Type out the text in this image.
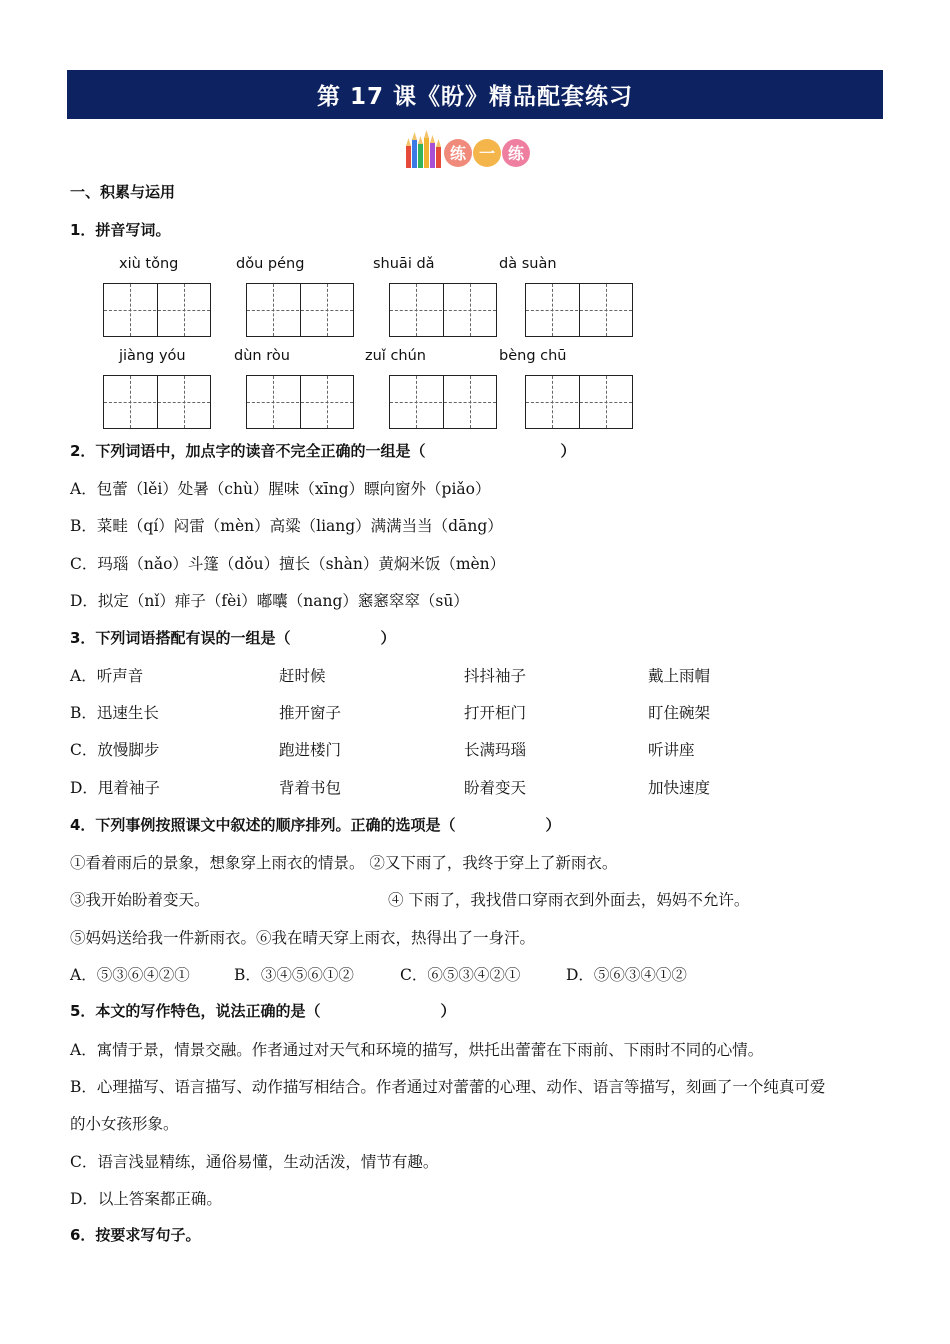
第 17 课《盼》精品配套练习
练 一 练
一、积累与运用
1．拼音写词。
xiù tǒng	dǒu péng	shuāi dǎ	dà suàn
jiàng yóu	dùn ròu	zuǐ chún	bèng chū
2．下列词语中，加点字的读音不完全正确的一组是（　　　　　　　　　）
A．包蕾（lěi）处暑（chù）腥味（xīng）瞟向窗外（piǎo）
B．菜畦（qí）闷雷（mèn）高粱（liang）满满当当（dāng）
C．玛瑙（nǎo）斗篷（dǒu）擅长（shàn）黄焖米饭（mèn）
D．拟定（nǐ）痱子（fèi）嘟囔（nang）窸窸窣窣（sū）
3．下列词语搭配有误的一组是（　　　　　　）
A．听声音	赶时候	抖抖袖子	戴上雨帽
B．迅速生长	推开窗子	打开柜门	盯住碗架
C．放慢脚步	跑进楼门	长满玛瑙	听讲座
D．甩着袖子	背着书包	盼着变天	加快速度
4．下列事例按照课文中叙述的顺序排列。正确的选项是（　　　　　　）
①看着雨后的景象，想象穿上雨衣的情景。 ②又下雨了，我终于穿上了新雨衣。
③我开始盼着变天。	④ 下雨了，我找借口穿雨衣到外面去，妈妈不允许。
⑤妈妈送给我一件新雨衣。⑥我在晴天穿上雨衣，热得出了一身汗。
A．⑤③⑥④②①	B．③④⑤⑥①②	C．⑥⑤③④②①	D．⑤⑥③④①②
5．本文的写作特色，说法正确的是（　　　　　　　　）
A．寓情于景，情景交融。作者通过对天气和环境的描写，烘托出蕾蕾在下雨前、下雨时不同的心情。
B．心理描写、语言描写、动作描写相结合。作者通过对蕾蕾的心理、动作、语言等描写，刻画了一个纯真可爱
的小女孩形象。
C．语言浅显精练，通俗易懂，生动活泼，情节有趣。
D．以上答案都正确。
6．按要求写句子。
